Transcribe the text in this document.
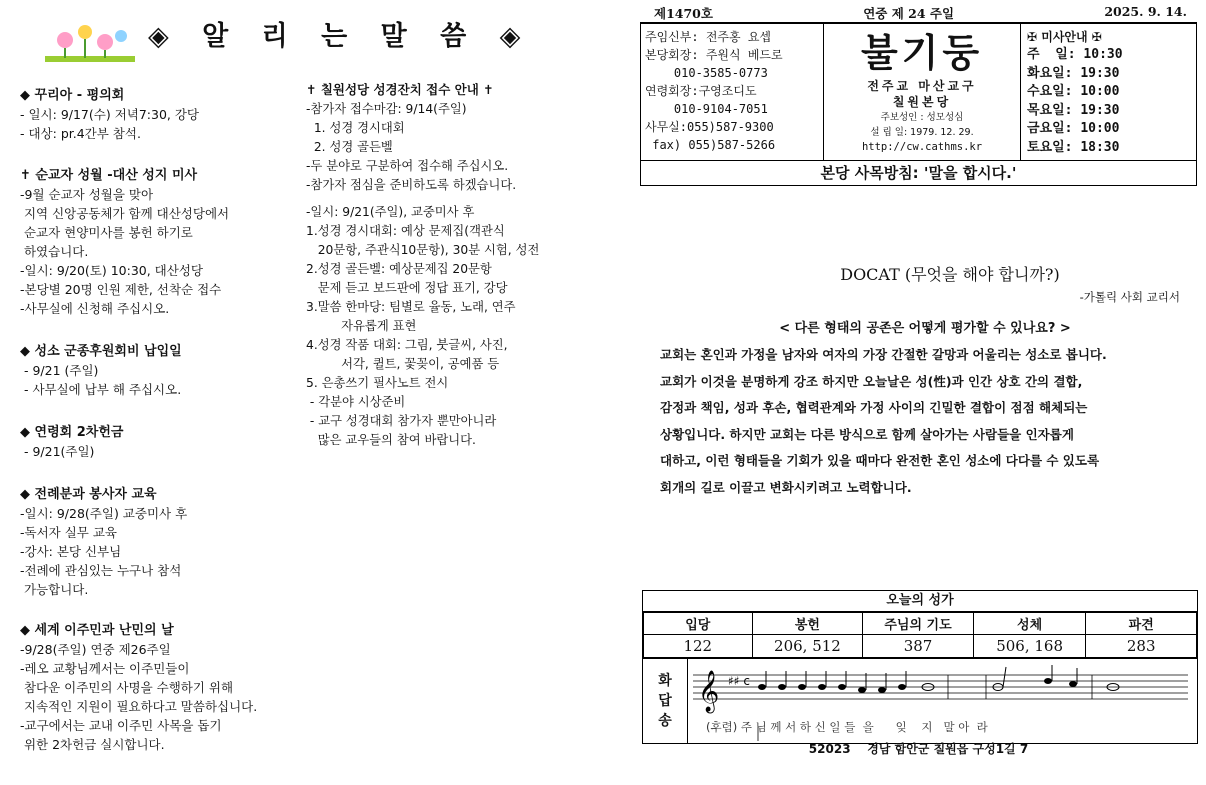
◈ 알 리 는 말 씀 ◈
◆ 꾸리아 - 평의회
- 일시: 9/17(수) 저녁7:30, 강당
- 대상: pr.4간부 참석.
✝ 순교자 성월 -대산 성지 미사
-9월 순교자 성월을 맞아
지역 신앙공동체가 함께 대산성당에서
순교자 현양미사를 봉헌 하기로
하였습니다.
-일시: 9/20(토) 10:30, 대산성당
-본당별 20명 인원 제한, 선착순 접수
-사무실에 신청해 주십시오.
◆ 성소 군종후원회비 납입일
- 9/21 (주일)
- 사무실에 납부 해 주십시오.
◆ 연령회 2차헌금
- 9/21(주일)
◆ 전례분과 봉사자 교육
-일시: 9/28(주일) 교중미사 후
-독서자 실무 교육
-강사: 본당 신부님
-전례에 관심있는 누구나 참석
가능합니다.
◆ 세계 이주민과 난민의 날
-9/28(주일) 연중 제26주일
-레오 교황님께서는 이주민들이
참다운 이주민의 사명을 수행하기 위해
지속적인 지원이 필요하다고 말씀하십니다.
-교구에서는 교내 이주민 사목을 돕기
위한 2차헌금 실시합니다.
✝ 칠원성당 성경잔치 접수 안내 ✝
-참가자 접수마감: 9/14(주일)
1. 성경 경시대회
2. 성경 골든벨
-두 분야로 구분하여 접수해 주십시오.
-참가자 점심을 준비하도록 하겠습니다.
-일시: 9/21(주일), 교중미사 후
1.성경 경시대회: 예상 문제집(객관식
20문항, 주관식10문항), 30분 시험, 성전
2.성경 골든벨: 예상문제집 20문항
문제 듣고 보드판에 정답 표기, 강당
3.말씀 한마당: 팀별로 율동, 노래, 연주
자유롭게 표현
4.성경 작품 대회: 그림, 붓글씨, 사진,
서각, 퀼트, 꽃꽂이, 공예품 등
5. 은총쓰기 필사노트 전시
- 각분야 시상준비
- 교구 성경대회 참가자 뿐만아니라
많은 교우들의 참여 바랍니다.
제1470호	연중 제 24 주일	2025. 9. 14.
주임신부: 전주홍 요셉
본당회장: 주원식 베드로
010-3585-0773
연령회장:구영조디도
010-9104-7051
사무실:055)587-9300
fax) 055)587-5266
불기둥
전주교 마산교구
칠원본당
주보성인 : 성모성심
설 립 일: 1979. 12. 29.
http://cw.cathms.kr
✠ 미사안내 ✠
주  일: 10:30
화요일: 19:30
수요일: 10:00
목요일: 19:30
금요일: 10:00
토요일: 18:30
본당 사목방침: '말을 합시다.'
DOCAT (무엇을 해야 합니까?)
-가톨릭 사회 교리서
< 다른 형태의 공존은 어떻게 평가할 수 있나요? >
교회는 혼인과 가정을 남자와 여자의 가장 간절한 갈망과 어울리는 성소로 봅니다.
교회가 이것을 분명하게 강조 하지만 오늘날은 성(性)과 인간 상호 간의 결합,
감정과 책임, 성과 후손, 협력관계와 가정 사이의 긴밀한 결합이 점점 해체되는
상황입니다. 하지만 교회는 다른 방식으로 함께 살아가는 사람들을 인자롭게
대하고, 이런 형태들을 기회가 있을 때마다 완전한 혼인 성소에 다다를 수 있도록
회개의 길로 이끌고 변화시키려고 노력합니다.
오늘의 성가
입당	봉헌	주님의 기도	성체	파견
122	206, 512	387	506, 168	283
화 답 송
𝄞 ♯♯ c
(후렴) 주 님 께 서 하 신 일 들  을      잊    지   말 아  라
52023    경남 함안군 칠원읍 구성1길 7
